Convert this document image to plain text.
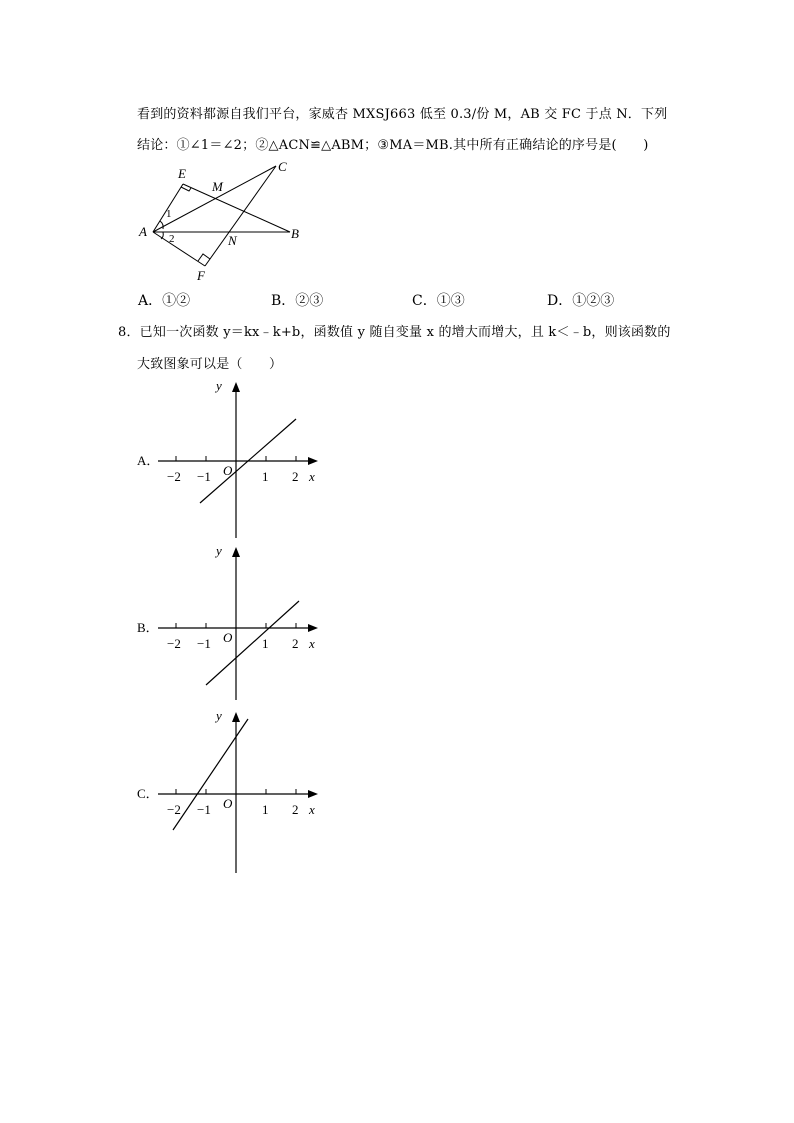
看到的资料都源自我们平台，家威杏 MXSJ663 低至 0.3/份 M，AB 交 FC 于点 N．下列
结论：①∠1＝∠2；②△ACN≌△ABM；③MA＝MB.其中所有正确结论的序号是(　　)
E
M
C
A
1
2	N	B
F
A．①②	B．②③	C．①③	D．①②③
8．已知一次函数 y＝kx﹣k+b，函数值 y 随自变量 x 的增大而增大，且 k＜﹣b，则该函数的
大致图象可以是（　　）
A．
−2 −1	1 2
O	x
y
B．
−2 −1	1 2
O	x
y
C．
−2 −1	1 2
O	x
y
